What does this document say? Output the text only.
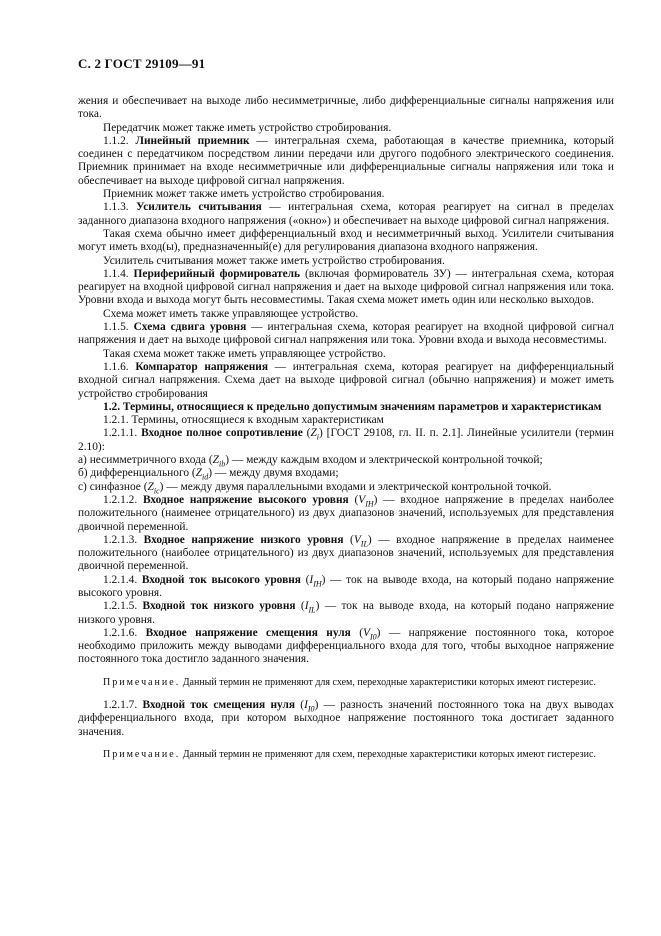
С. 2 ГОСТ 29109—91

жения и обеспечивает на выходе либо несимметричные, либо дифференциальные сигналы напряжения или тока.

Передатчик может также иметь устройство стробирования.

1.1.2. Линейный приемник — интегральная схема, работающая в качестве приемника, который соединен с передатчиком посредством линии передачи или другого подобного электрического соединения. Приемник принимает на входе несимметричные или дифференциальные сигналы напряжения или тока и обеспечивает на выходе цифровой сигнал напряжения.

Приемник может также иметь устройство стробирования.

1.1.3. Усилитель считывания — интегральная схема, которая реагирует на сигнал в пределах заданного диапазона входного напряжения («окно») и обеспечивает на выходе цифровой сигнал напряжения.

Такая схема обычно имеет дифференциальный вход и несимметричный выход. Усилители считывания могут иметь вход(ы), предназначенный(е) для регулирования диапазона входного напряжения.

Усилитель считывания может также иметь устройство стробирования.

1.1.4. Периферийный формирователь (включая формирователь ЗУ) — интегральная схема, которая реагирует на входной цифровой сигнал напряжения и дает на выходе цифровой сигнал напряжения или тока. Уровни входа и выхода могут быть несовместимы. Такая схема может иметь один или несколько выходов.

Схема может иметь также управляющее устройство.

1.1.5. Схема сдвига уровня — интегральная схема, которая реагирует на входной цифровой сигнал напряжения и дает на выходе цифровой сигнал напряжения или тока. Уровни входа и выхода несовместимы.

Такая схема может также иметь управляющее устройство.

1.1.6. Компаратор напряжения — интегральная схема, которая реагирует на дифференциальный входной сигнал напряжения. Схема дает на выходе цифровой сигнал (обычно напряжения) и может иметь устройство стробирования

1.2. Термины, относящиеся к предельно допустимым значениям параметров и характеристикам

1.2.1. Термины, относящиеся к входным характеристикам

1.2.1.1. Входное полное сопротивление $(Z_i)$ [ГОСТ 29108, гл. II. п. 2.1]. Линейные усилители (термин 2.10):

а) несимметричного входа $(Z_{ib})$ — между каждым входом и электрической контрольной точкой;

б) дифференциального $(Z_{id})$ — между двумя входами;

с) синфазное $(Z_{ic})$ — между двумя параллельными входами и электрической контрольной точкой.

1.2.1.2. Входное напряжение высокого уровня $(V_{IH})$ — входное напряжение в пределах наиболее положительного (наименее отрицательного) из двух диапазонов значений, используемых для представления двоичной переменной.

1.2.1.3. Входное напряжение низкого уровня $(V_{IL})$ — входное напряжение в пределах наименее положительного (наиболее отрицательного) из двух диапазонов значений, используемых для представления двоичной переменной.

1.2.1.4. Входной ток высокого уровня $(I_{IH})$ — ток на выводе входа, на который подано напряжение высокого уровня.

1.2.1.5. Входной ток низкого уровня $(I_{IL})$ — ток на выводе входа, на который подано напряжение низкого уровня.

1.2.1.6. Входное напряжение смещения нуля $(V_{I0})$ — напряжение постоянного тока, которое необходимо приложить между выводами дифференциального входа для того, чтобы выходное напряжение постоянного тока достигло заданного значения.

Примечание. Данный термин не применяют для схем, переходные характеристики которых имеют гистерезис.

1.2.1.7. Входной ток смещения нуля $(I_{I0})$ — разность значений постоянного тока на двух выводах дифференциального входа, при котором выходное напряжение постоянного тока достигает заданного значения.

Примечание. Данный термин не применяют для схем, переходные характеристики которых имеют гистерезис.
